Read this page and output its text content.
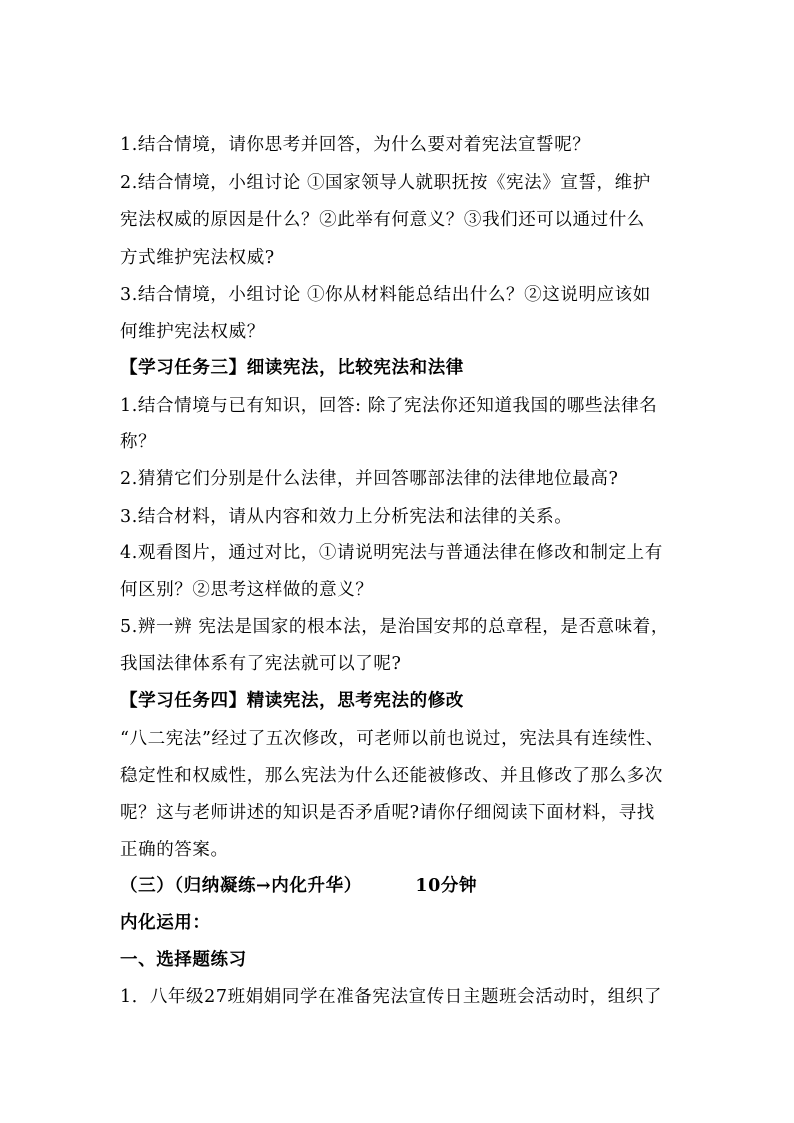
1.结合情境，请你思考并回答，为什么要对着宪法宣誓呢？
2.结合情境，小组讨论 ①国家领导人就职抚按《宪法》宣誓，维护
宪法权威的原因是什么？②此举有何意义？③我们还可以通过什么
方式维护宪法权威?
3.结合情境，小组讨论 ①你从材料能总结出什么？②这说明应该如
何维护宪法权威？
【学习任务三】细读宪法，比较宪法和法律
1.结合情境与已有知识，回答: 除了宪法你还知道我国的哪些法律名
称？
2.猜猜它们分别是什么法律，并回答哪部法律的法律地位最高?
3.结合材料，请从内容和效力上分析宪法和法律的关系。
4.观看图片，通过对比，①请说明宪法与普通法律在修改和制定上有
何区别？②思考这样做的意义？
5.辨一辨 宪法是国家的根本法，是治国安邦的总章程，是否意味着，
我国法律体系有了宪法就可以了呢?
【学习任务四】精读宪法，思考宪法的修改
“八二宪法”经过了五次修改，可老师以前也说过，宪法具有连续性、
稳定性和权威性，那么宪法为什么还能被修改、并且修改了那么多次
呢？这与老师讲述的知识是否矛盾呢?请你仔细阅读下面材料，寻找
正确的答案。
（三）（归纳凝练→内化升华）        10分钟
内化运用：
一、选择题练习
1．八年级27班娟娟同学在准备宪法宣传日主题班会活动时，组织了
